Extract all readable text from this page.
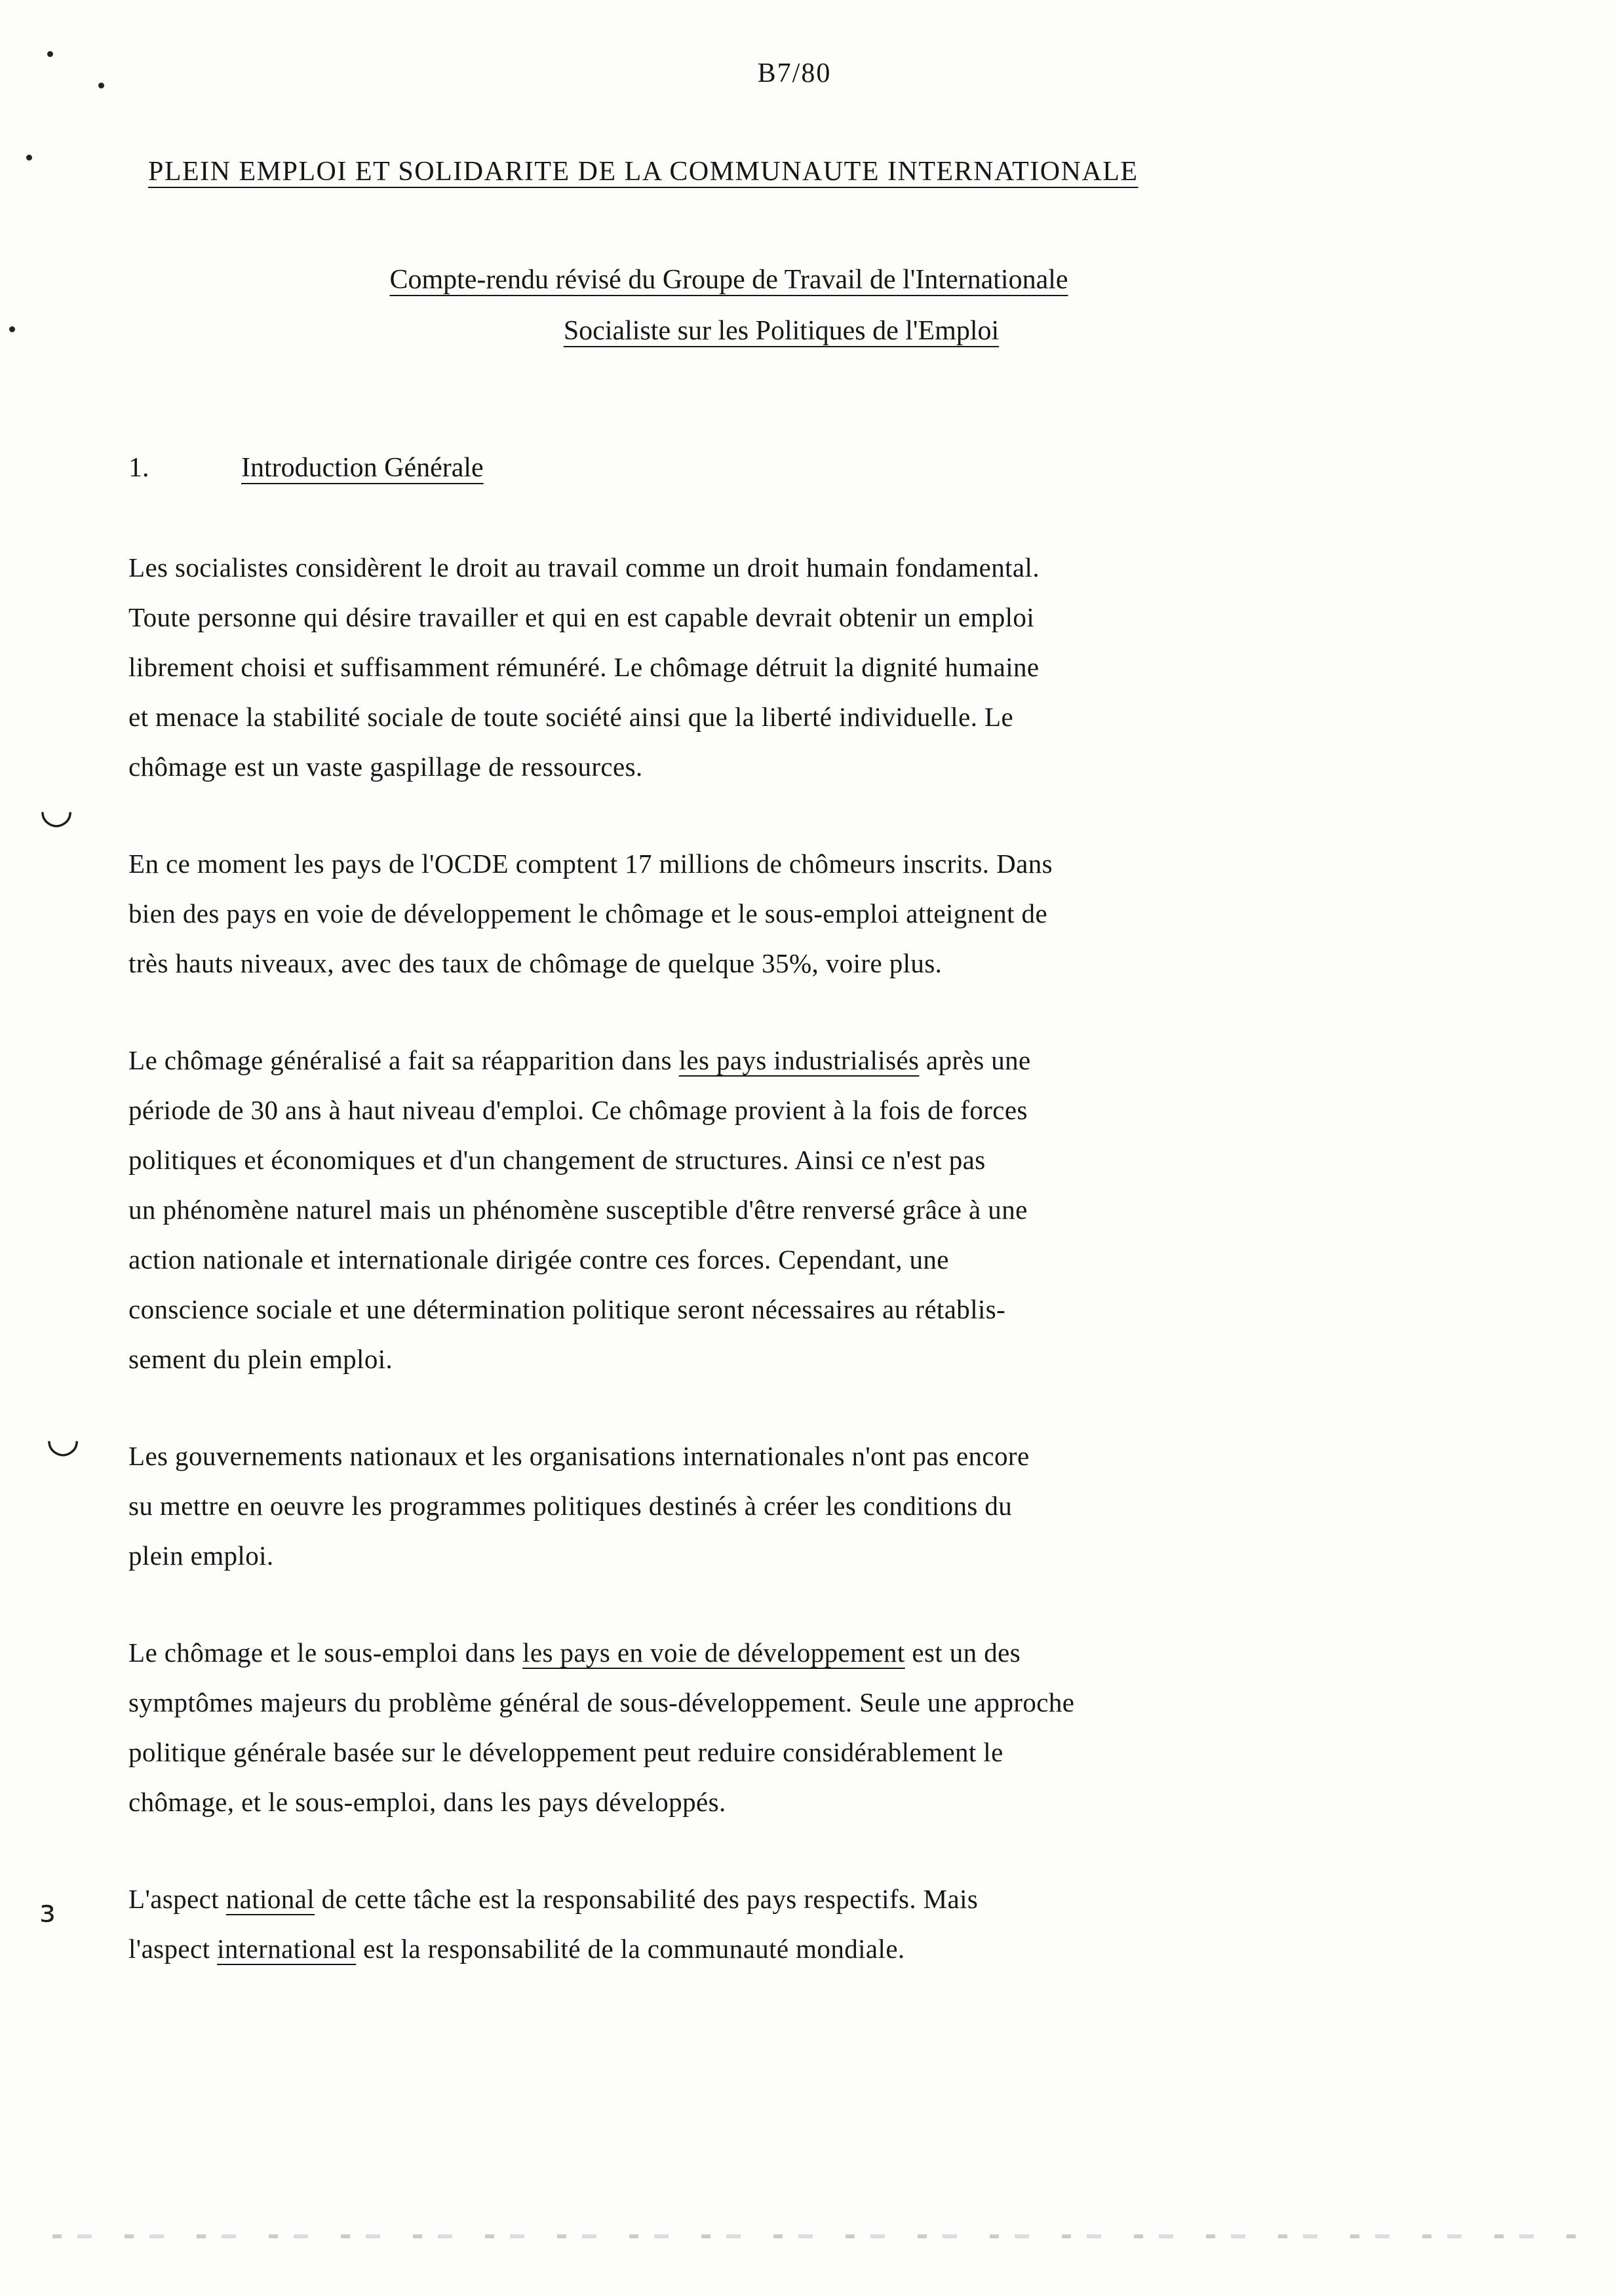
◡
◡
з
B7/80
PLEIN EMPLOI ET SOLIDARITE DE LA COMMUNAUTE INTERNATIONALE
Compte-rendu révisé du Groupe de Travail de l'Internationale
Socialiste sur les Politiques de l'Emploi
1.	Introduction Générale

Les socialistes considèrent le droit au travail comme un droit humain fondamental.
Toute personne qui désire travailler et qui en est capable devrait obtenir un emploi
librement choisi et suffisamment rémunéré. Le chômage détruit la dignité humaine
et menace la stabilité sociale de toute société ainsi que la liberté individuelle. Le
chômage est un vaste gaspillage de ressources.

En ce moment les pays de l'OCDE comptent 17 millions de chômeurs inscrits. Dans
bien des pays en voie de développement le chômage et le sous-emploi atteignent de
très hauts niveaux, avec des taux de chômage de quelque 35%, voire plus.

Le chômage généralisé a fait sa réapparition dans les pays industrialisés après une
période de 30 ans à haut niveau d'emploi. Ce chômage provient à la fois de forces
politiques et économiques et d'un changement de structures. Ainsi ce n'est pas
un phénomène naturel mais un phénomène susceptible d'être renversé grâce à une
action nationale et internationale dirigée contre ces forces. Cependant, une
conscience sociale et une détermination politique seront nécessaires au rétablis-
sement du plein emploi.

Les gouvernements nationaux et les organisations internationales n'ont pas encore
su mettre en oeuvre les programmes politiques destinés à créer les conditions du
plein emploi.

Le chômage et le sous-emploi dans les pays en voie de développement est un des
symptômes majeurs du problème général de sous-développement. Seule une approche
politique générale basée sur le développement peut reduire considérablement le
chômage, et le sous-emploi, dans les pays développés.

L'aspect national de cette tâche est la responsabilité des pays respectifs. Mais
l'aspect international est la responsabilité de la communauté mondiale.
